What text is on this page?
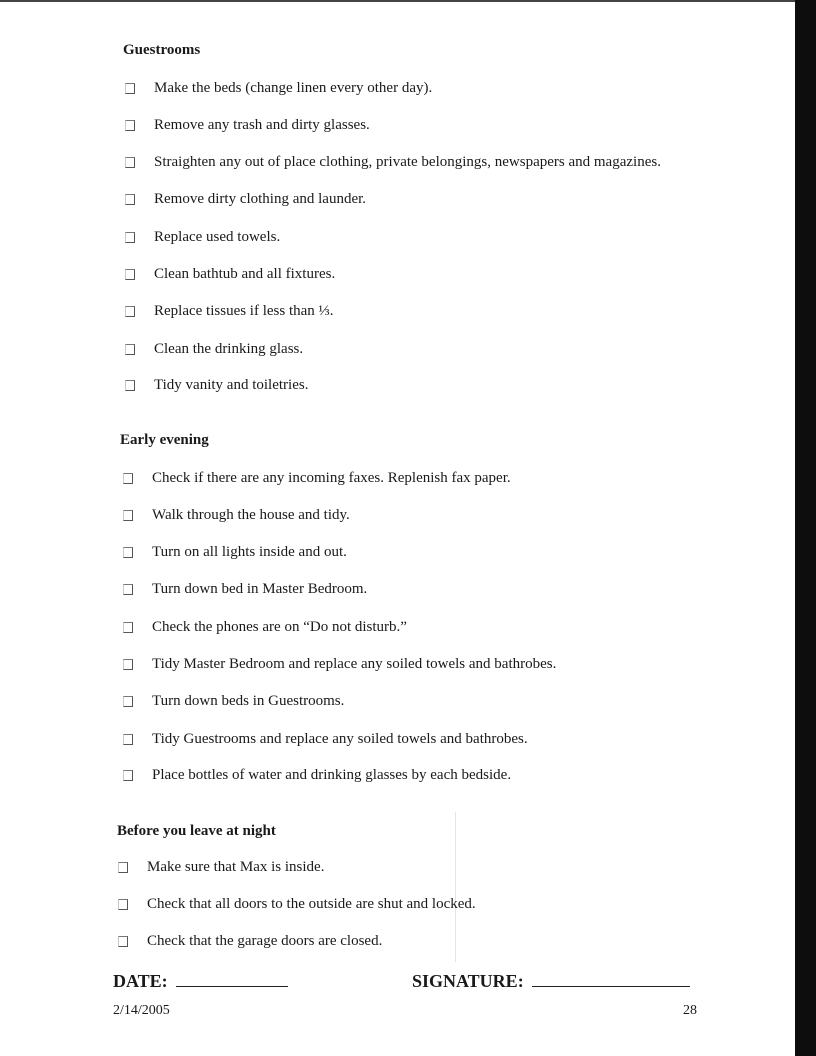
Guestrooms
Make the beds (change linen every other day).
Remove any trash and dirty glasses.
Straighten any out of place clothing, private belongings, newspapers and magazines.
Remove dirty clothing and launder.
Replace used towels.
Clean bathtub and all fixtures.
Replace tissues if less than ⅓.
Clean the drinking glass.
Tidy vanity and toiletries.
Early evening
Check if there are any incoming faxes. Replenish fax paper.
Walk through the house and tidy.
Turn on all lights inside and out.
Turn down bed in Master Bedroom.
Check the phones are on “Do not disturb.”
Tidy Master Bedroom and replace any soiled towels and bathrobes.
Turn down beds in Guestrooms.
Tidy Guestrooms and replace any soiled towels and bathrobes.
Place bottles of water and drinking glasses by each bedside.
Before you leave at night
Make sure that Max is inside.
Check that all doors to the outside are shut and locked.
Check that the garage doors are closed.
DATE:	SIGNATURE:
2/14/2005	28
